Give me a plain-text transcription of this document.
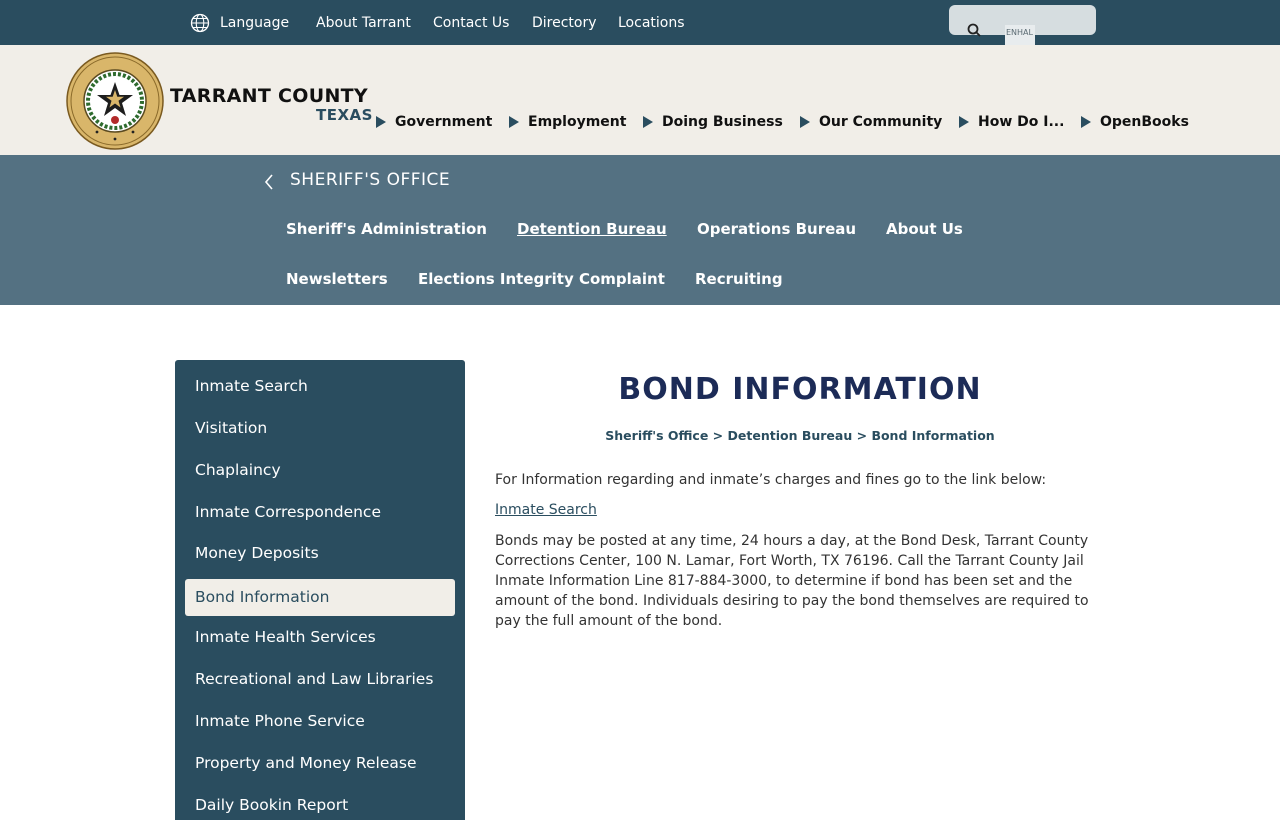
Language About Tarrant Contact Us Directory Locations
ENHAL
TARRANT COUNTY
TEXAS Government	Employment	Doing Business	Our Community	How Do I...	OpenBooks
SHERIFF'S OFFICE
Sheriff's Administration Detention Bureau Operations Bureau About Us
Newsletters Elections Integrity Complaint Recruiting
Inmate Search
Visitation
Chaplaincy
Inmate Correspondence
Money Deposits
Bond Information
Inmate Health Services
Recreational and Law Libraries
Inmate Phone Service
Property and Money Release
Daily Bookin Report
BOND INFORMATION
Sheriff's Office > Detention Bureau > Bond Information

For Information regarding and inmate’s charges and fines go to the link below:

Inmate Search
Bonds may be posted at any time, 24 hours a day, at the Bond Desk, Tarrant County
Corrections Center, 100 N. Lamar, Fort Worth, TX 76196. Call the Tarrant County Jail
Inmate Information Line 817-884-3000, to determine if bond has been set and the
amount of the bond. Individuals desiring to pay the bond themselves are required to
pay the full amount of the bond.
